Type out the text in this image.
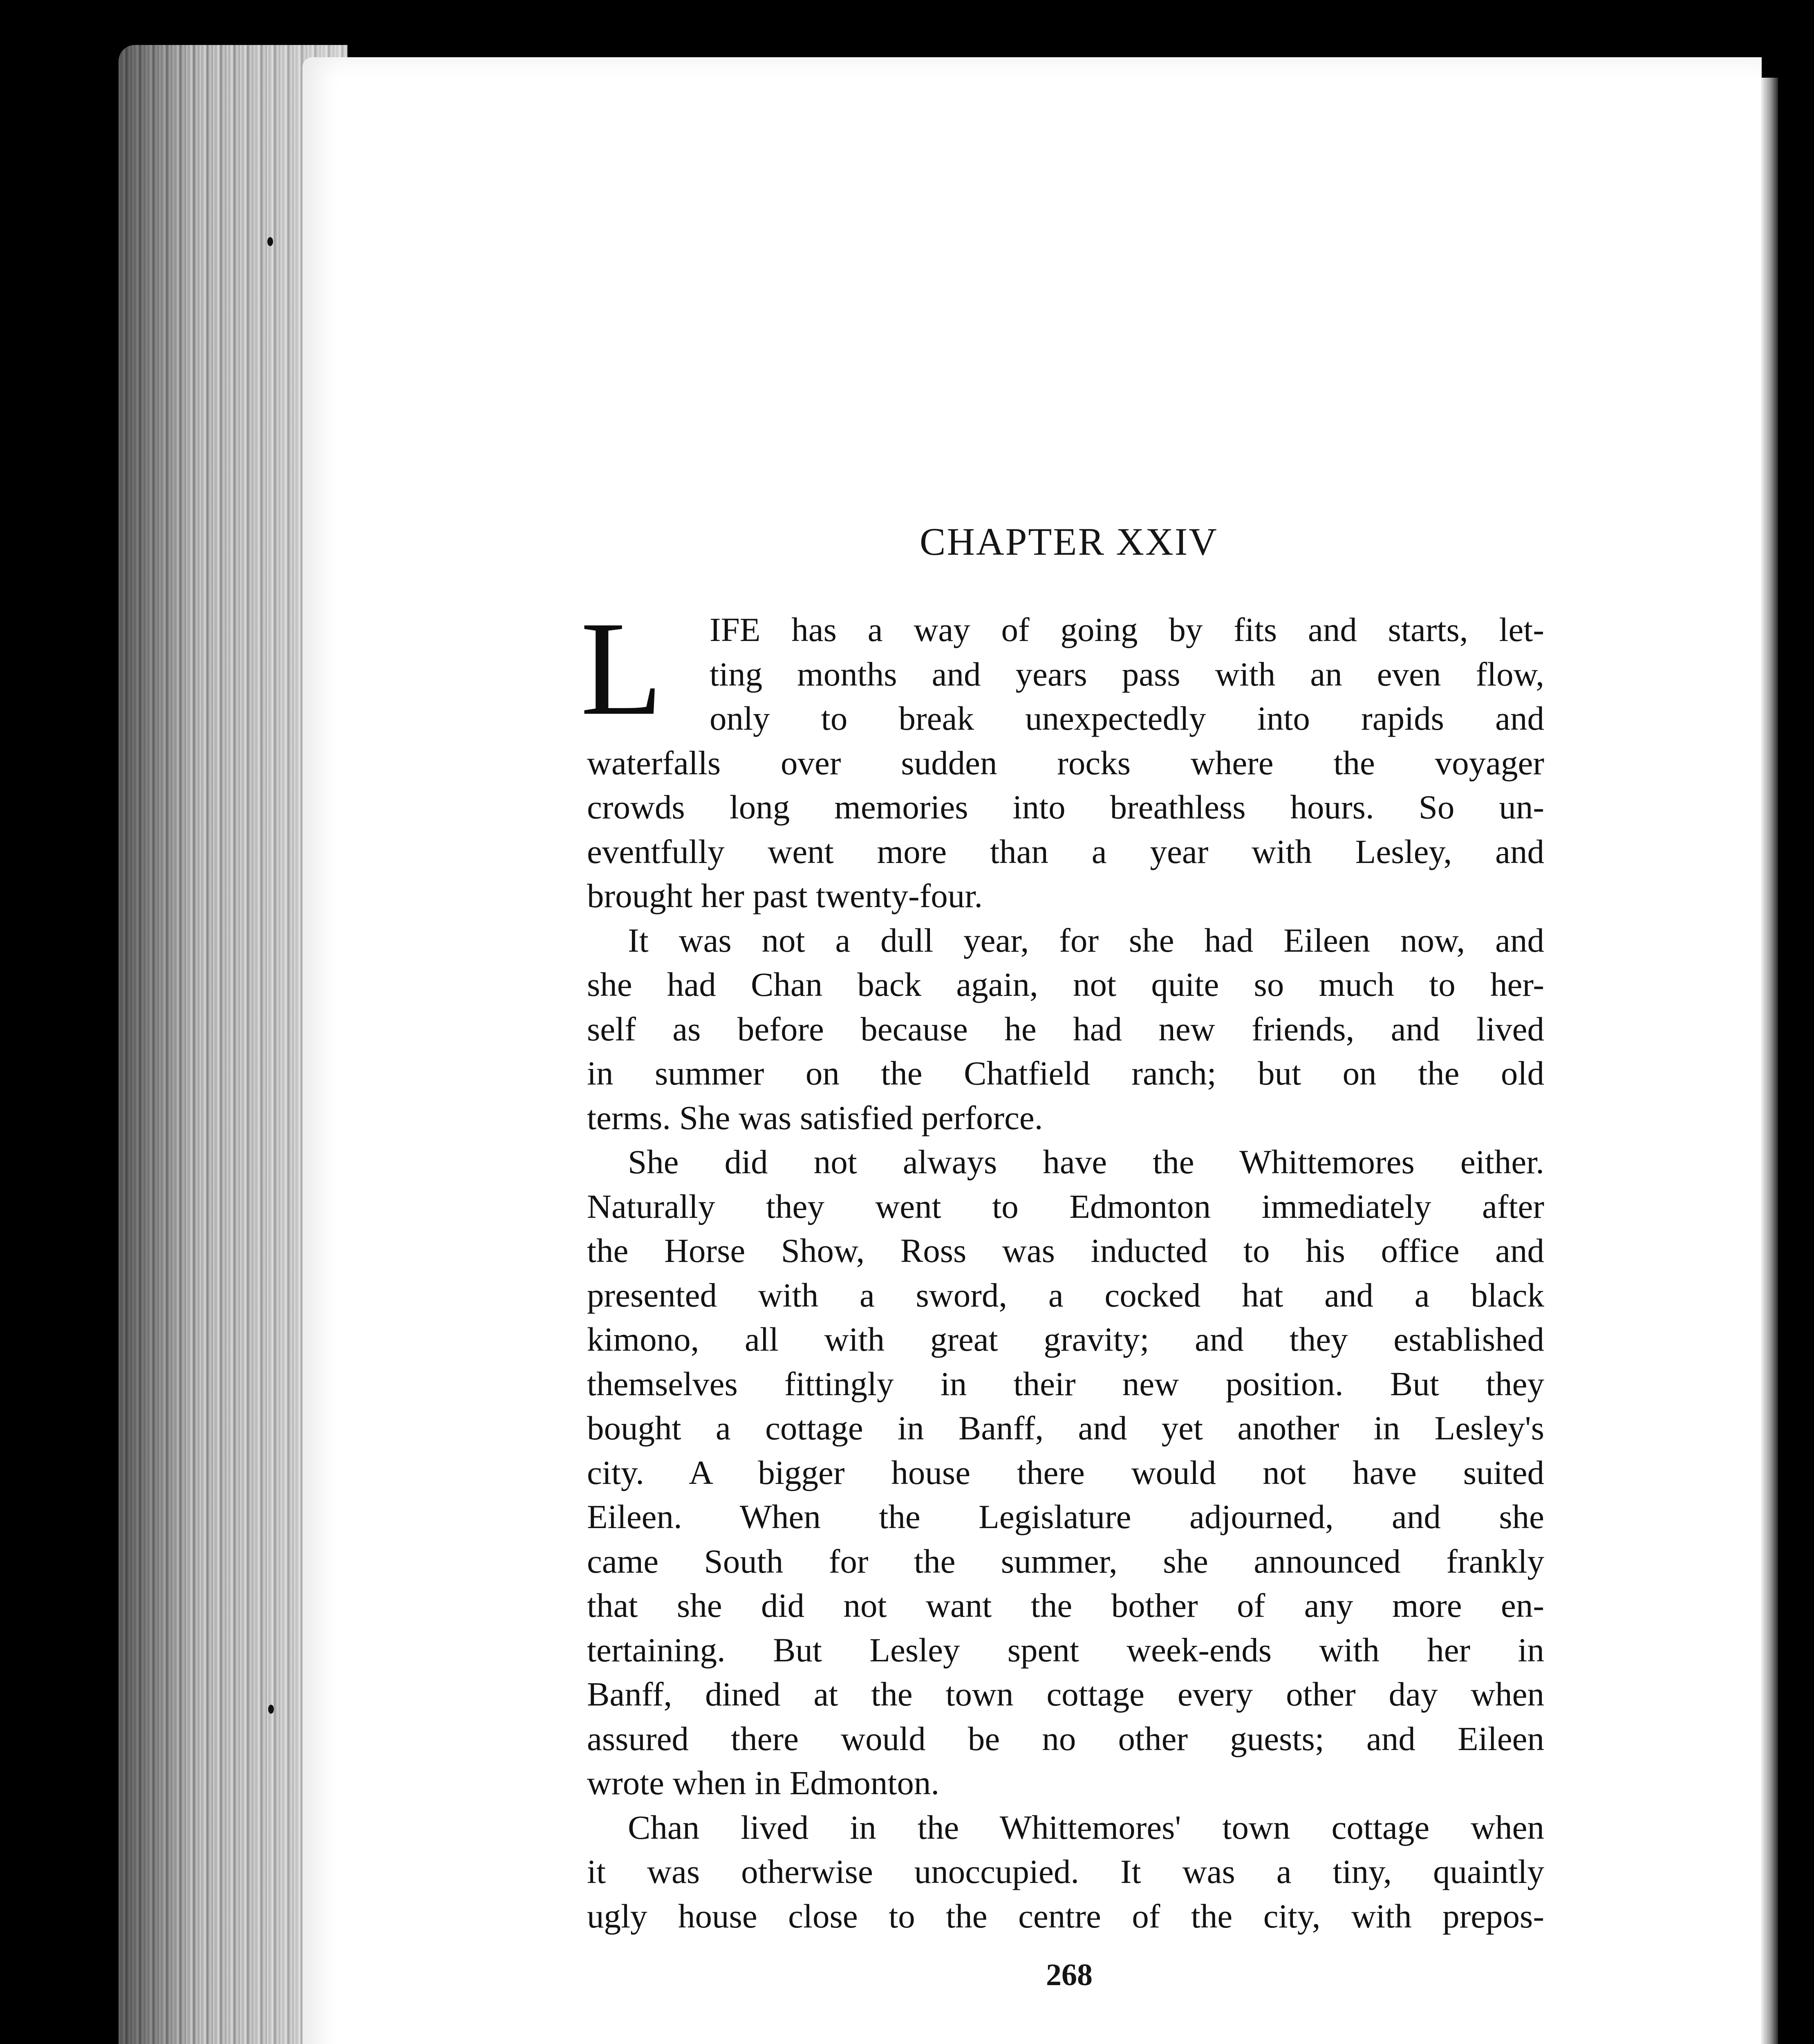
CHAPTER XXIV
L	IFE has a way of going by fits and starts, let-
ting months and years pass with an even flow,
only to break unexpectedly into rapids and
waterfalls over sudden rocks where the voyager
crowds long memories into breathless hours. So un-
eventfully went more than a year with Lesley, and
brought her past twenty-four.
It was not a dull year, for she had Eileen now, and
she had Chan back again, not quite so much to her-
self as before because he had new friends, and lived
in summer on the Chatfield ranch; but on the old
terms. She was satisfied perforce.
She did not always have the Whittemores either.
Naturally they went to Edmonton immediately after
the Horse Show, Ross was inducted to his office and
presented with a sword, a cocked hat and a black
kimono, all with great gravity; and they established
themselves fittingly in their new position. But they
bought a cottage in Banff, and yet another in Lesley's
city. A bigger house there would not have suited
Eileen. When the Legislature adjourned, and she
came South for the summer, she announced frankly
that she did not want the bother of any more en-
tertaining. But Lesley spent week-ends with her in
Banff, dined at the town cottage every other day when
assured there would be no other guests; and Eileen
wrote when in Edmonton.
Chan lived in the Whittemores' town cottage when
it was otherwise unoccupied. It was a tiny, quaintly
ugly house close to the centre of the city, with prepos-
268
